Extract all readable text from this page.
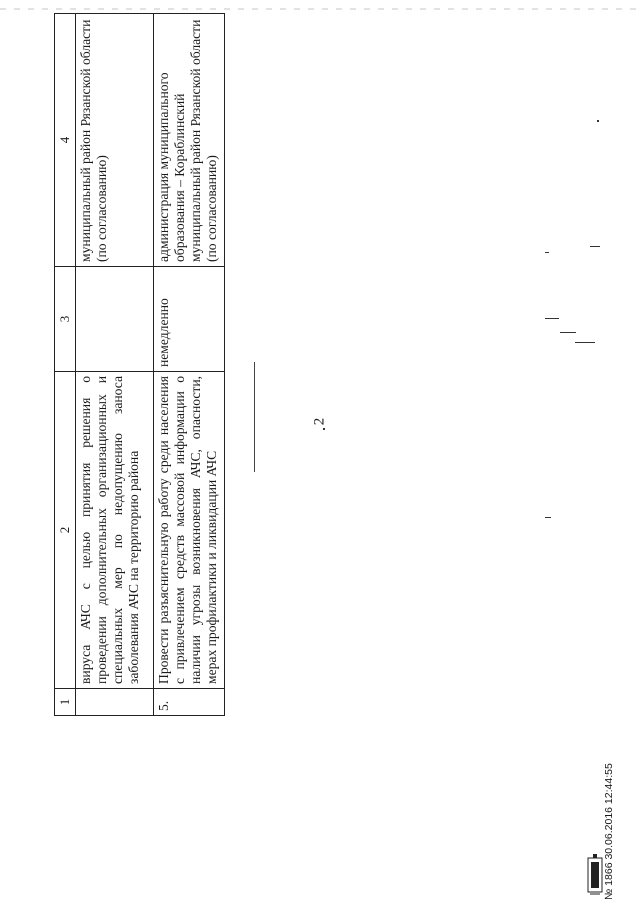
2
1	2	3	4
	вируса АЧС с целью принятия решения о проведении дополнительных организационных и специальных мер по недопущению заноса заболевания АЧС на территорию района		муниципальный район Рязанской области (по согласованию)
5.	Провести разъяснительную работу среди населения с привлечением средств массовой информации о наличии угрозы возникновения АЧС, опасности, мерах профилактики и ликвидации АЧС	немедленно	администрация муниципального образования – Кораблинский муниципальный район Рязанской области (по согласованию)
№ 1866 30.06.2016 12:44:55
